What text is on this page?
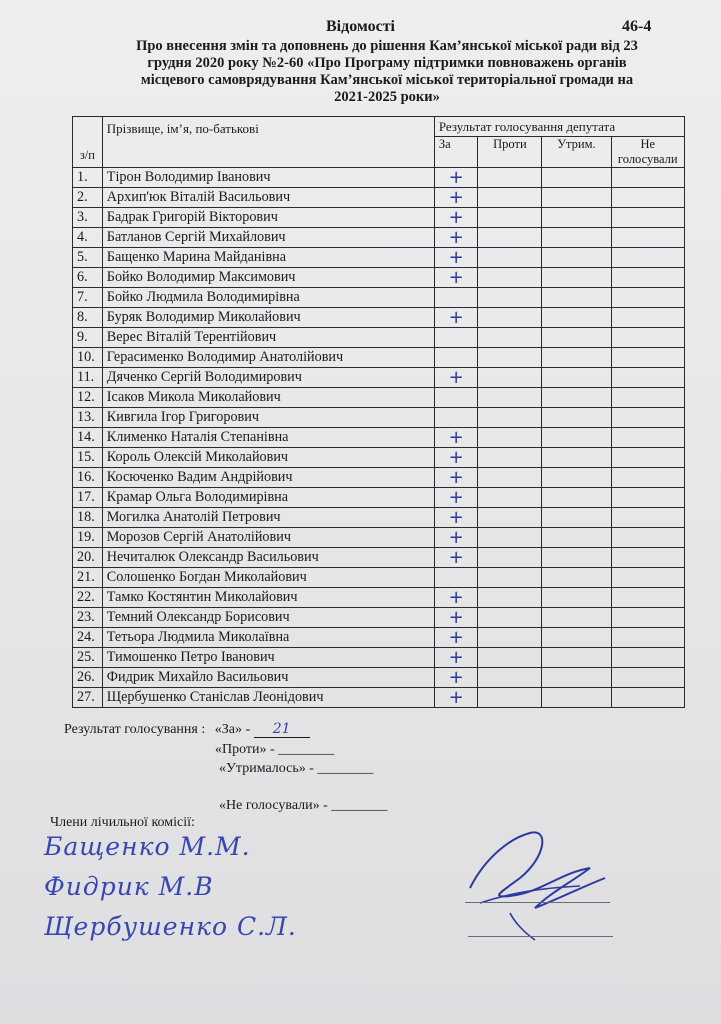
Відомості	46-4
Про внесення змін та доповнень до рішення Кам’янської міської ради від 23
грудня 2020 року №2-60 «Про Програму підтримки повноважень органів
місцевого самоврядування Кам’янської міської територіальної громади на
2021-2025 роки»
з/п	Прізвище, ім’я, по-батькові	Результат голосування депутата			
		За	Проти	Утрим.	Не голосували
1.	Тірон Володимир Іванович	+			
2.	Архип'юк Віталій Васильович	+			
3.	Бадрак Григорій Вікторович	+			
4.	Батланов Сергій Михайлович	+			
5.	Бащенко Марина Майданівна	+			
6.	Бойко Володимир Максимович	+			
7.	Бойко Людмила Володимирівна				
8.	Буряк Володимир Миколайович	+			
9.	Верес Віталій Терентійович				
10.	Герасименко Володимир Анатолійович				
11.	Дяченко Сергій Володимирович	+			
12.	Ісаков Микола Миколайович				
13.	Кивгила Ігор Григорович				
14.	Клименко Наталія Степанівна	+			
15.	Король Олексій Миколайович	+			
16.	Косюченко Вадим Андрійович	+			
17.	Крамар Ольга Володимирівна	+			
18.	Могилка Анатолій Петрович	+			
19.	Морозов Сергій Анатолійович	+			
20.	Нечиталюк Олександр Васильович	+			
21.	Солошенко Богдан Миколайович				
22.	Тамко Костянтин Миколайович	+			
23.	Темний Олександр Борисович	+			
24.	Тетьора Людмила Миколаївна	+			
25.	Тимошенко Петро Іванович	+			
26.	Фидрик Михайло Васильович	+			
27.	Щербушенко Станіслав Леонідович	+			
Результат голосування : «За» - 21
«Проти» - ________
«Утрималось» - ________
«Не голосували» - ________
Члени лічильної комісії:
Бащенко М.М.
Фидрик М.В
Щербушенко С.Л.
